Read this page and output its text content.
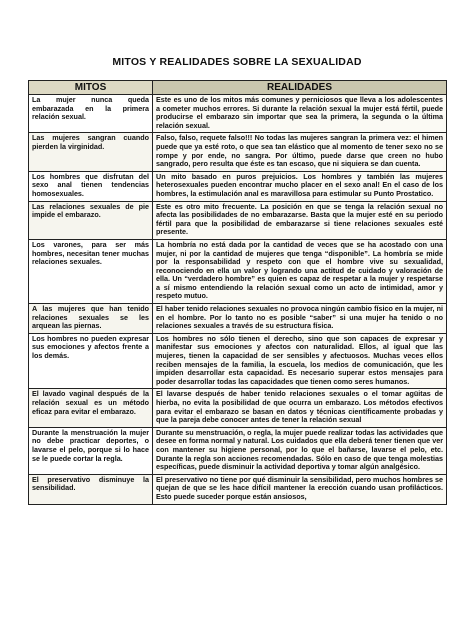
MITOS Y REALIDADES SOBRE LA SEXUALIDAD
MITOS	REALIDADES
La mujer nunca queda embarazada en la primera relación sexual.	Este es uno de los mitos más comunes y perniciosos que lleva a los adolescentes a cometer muchos errores. Si durante la relación sexual la mujer está fértil, puede producirse el embarazo sin importar que sea la primera, la segunda o la última relación sexual.
Las mujeres sangran cuando pierden la virginidad.	Falso, falso, requete falso!!! No todas las mujeres sangran la primera vez: el himen puede que ya esté roto, o que sea tan elástico que al momento de tener sexo no se rompe y por ende, no sangra. Por último, puede darse que creen no hubo sangrado, pero resulta que éste es tan escaso, que ni siquiera se dan cuenta.
Los hombres que disfrutan del sexo anal tienen tendencias homosexuales.	Un mito basado en puros prejuicios. Los hombres y también las mujeres heterosexuales pueden encontrar mucho placer en el sexo anal! En el caso de los hombres, la estimulación anal es maravillosa para estimular su Punto Prostatico.
Las relaciones sexuales de pie impide el embarazo.	Este es otro mito frecuente. La posición en que se tenga la relación sexual no afecta las posibilidades de no embarazarse. Basta que la mujer esté en su periodo fértil para que la posibilidad de embarazarse si tiene relaciones sexuales esté presente.
Los varones, para ser más hombres, necesitan tener muchas relaciones sexuales.	La hombría no está dada por la cantidad de veces que se ha acostado con una mujer, ni por la cantidad de mujeres que tenga “disponible”. La hombría se mide por la responsabilidad y respeto con que el hombre vive su sexualidad, reconociendo en ella un valor y logrando una actitud de cuidado y valoración de ella. Un “verdadero hombre” es quien es capaz de respetar a la mujer y respetarse a sí mismo entendiendo la relación sexual como un acto de intimidad, amor y respeto mutuo.
A las mujeres que han tenido relaciones sexuales se les arquean las piernas.	El haber tenido relaciones sexuales no provoca ningún cambio físico en la mujer, ni en el hombre. Por lo tanto no es posible “saber” si una mujer ha tenido o no relaciones sexuales a través de su estructura física.
Los hombres no pueden expresar sus emociones y afectos frente a los demás.	Los hombres no sólo tienen el derecho, sino que son capaces de expresar y manifestar sus emociones y afectos con naturalidad. Ellos, al igual que las mujeres, tienen la capacidad de ser sensibles y afectuosos. Muchas veces ellos reciben mensajes de la familia, la escuela, los medios de comunicación, que les impiden desarrollar esta capacidad. Es necesario superar estos mensajes para poder desarrollar todas las capacidades que tienen como seres humanos.
El lavado vaginal después de la relación sexual es un método eficaz para evitar el embarazo.	El lavarse después de haber tenido relaciones sexuales o el tomar agüitas de hierba, no evita la posibilidad de que ocurra un embarazo. Los métodos efectivos para evitar el embarazo se basan en datos y técnicas científicamente probadas y que la pareja debe conocer antes de tener la relación sexual
Durante la menstruación la mujer no debe practicar deportes, o lavarse el pelo, porque si lo hace se le puede cortar la regla.	Durante su menstruación, o regla, la mujer puede realizar todas las actividades que desee en forma normal y natural. Los cuidados que ella deberá tener tienen que ver con mantener su higiene personal, por lo que el bañarse, lavarse el pelo, etc. Durante la regla son acciones recomendadas. Sólo en caso de que tenga molestias específicas, puede disminuir la actividad deportiva y tomar algún analgésico.
El preservativo disminuye la sensibilidad.	El preservativo no tiene por qué disminuir la sensibilidad, pero muchos hombres se quejan de que se les hace difícil mantener la erección cuando usan profilácticos. Esto puede suceder porque están ansiosos,
